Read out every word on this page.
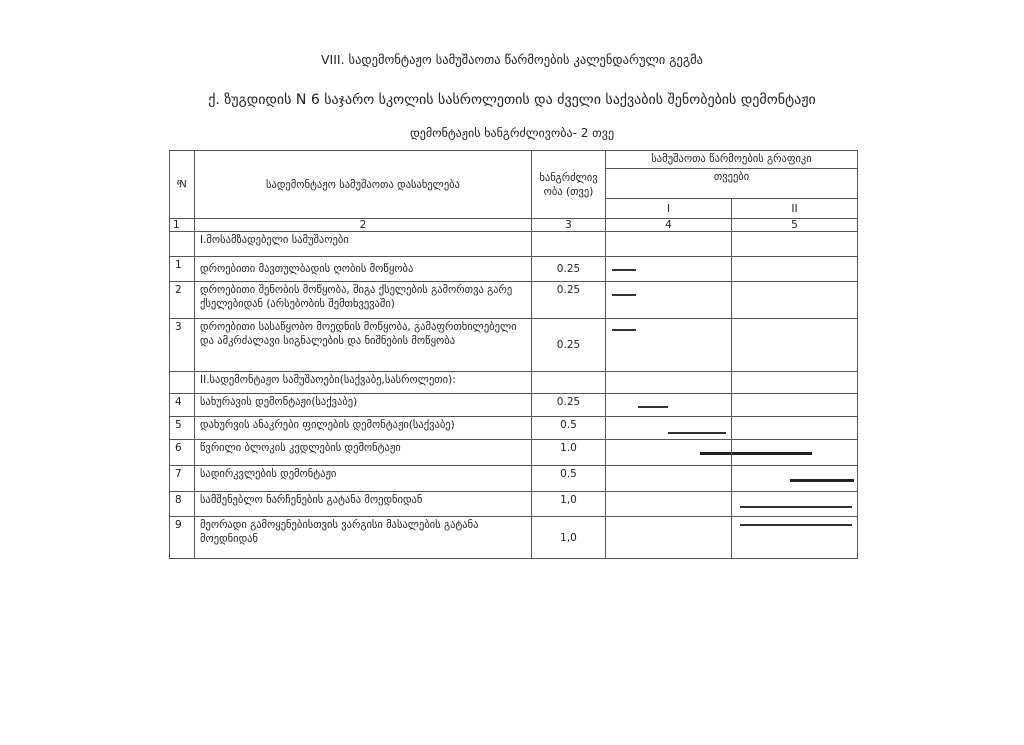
VIII. სადემონტაჟო სამუშაოთა წარმოების კალენდარული გეგმა
ქ. ზუგდიდის N 6 საჯარო სკოლის სასროლეთის და ძველი საქვაბის შენობების დემონტაჟი
დემონტაჟის ხანგრძლივობა- 2 თვე
№	სადემონტაჟო სამუშაოთა დასახელება	ხანგრძლივ ობა (თვე)	სამუშაოთა წარმოების გრაფიკი	
			თვეები	
			I	II
1	2	3	4	5
	I.მოსამზადებელი სამუშაოები			
1	დროებითი მავთულბადის ღობის მოწყობა	0.25	

2	დროებითი შენობის მოწყობა, შიგა ქსელების გამორთვა გარე ქსელებიდან (არსებობის შემთხვევაში)	0.25	

3	დროებითი სასაწყობო მოედნის მოწყობა, გამაფრთხილებელი და ამკრძალავი სიგნალების და ნიშნების მოწყობა	0.25	

	II.სადემონტაჟო სამუშაოები(საქვაბე,სასროლეთი):			
4	სახურავის დემონტაჟი(საქვაბე)	0.25	

5	დახურვის ანაკრები ფილების დემონტაჟი(საქვაბე)	0.5	

6	წვრილი ბლოკის კედლების დემონტაჟი	1.0	

7	სადირკვლების დემონტაჟი	0.5		

8	სამშენებლო ნარჩენების გატანა მოედნიდან	1,0		

9	მეორადი გამოყენებისთვის ვარგისი მასალების გატანა მოედნიდან	1,0		
